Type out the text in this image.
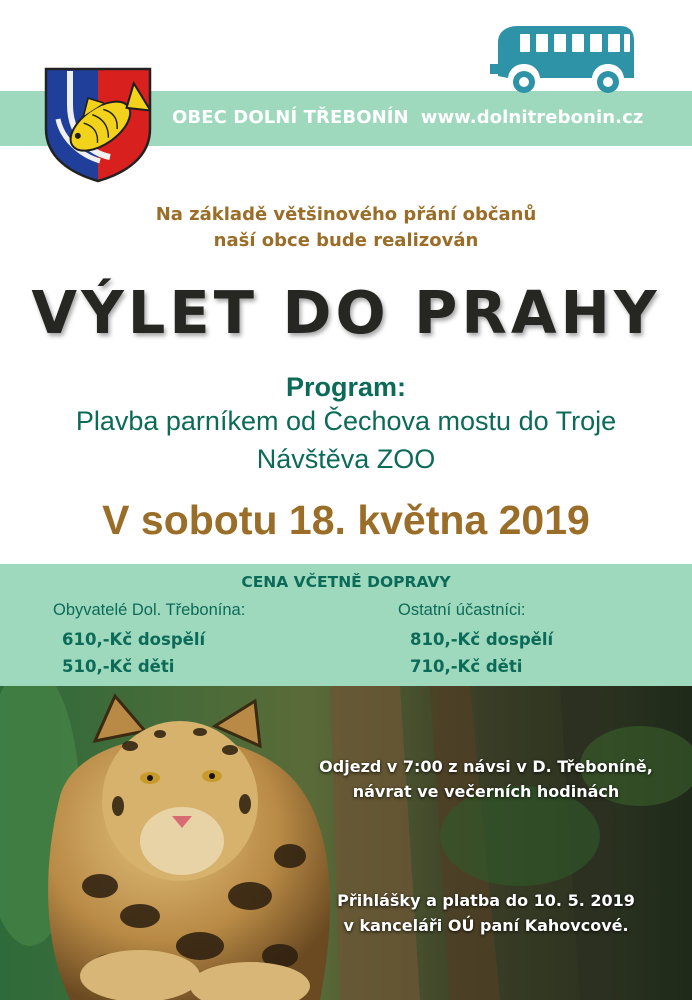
OBEC DOLNÍ TŘEBONÍN www.dolnitrebonin.cz
Na základě většinového přání občanů
naší obce bude realizován
VÝLET DO PRAHY
Program:
Plavba parníkem od Čechova mostu do Troje
Návštěva ZOO
V sobotu 18. května 2019
CENA VČETNĚ DOPRAVY
Obyvatelé Dol. Třebonína:	Ostatní účastníci:
610,-Kč dospělí
510,-Kč děti
810,-Kč dospělí
710,-Kč děti
Odjezd v 7:00 z návsi v D. Třeboníně,
návrat ve večerních hodinách
Přihlášky a platba do 10. 5. 2019
v kanceláři OÚ paní Kahovcové.
